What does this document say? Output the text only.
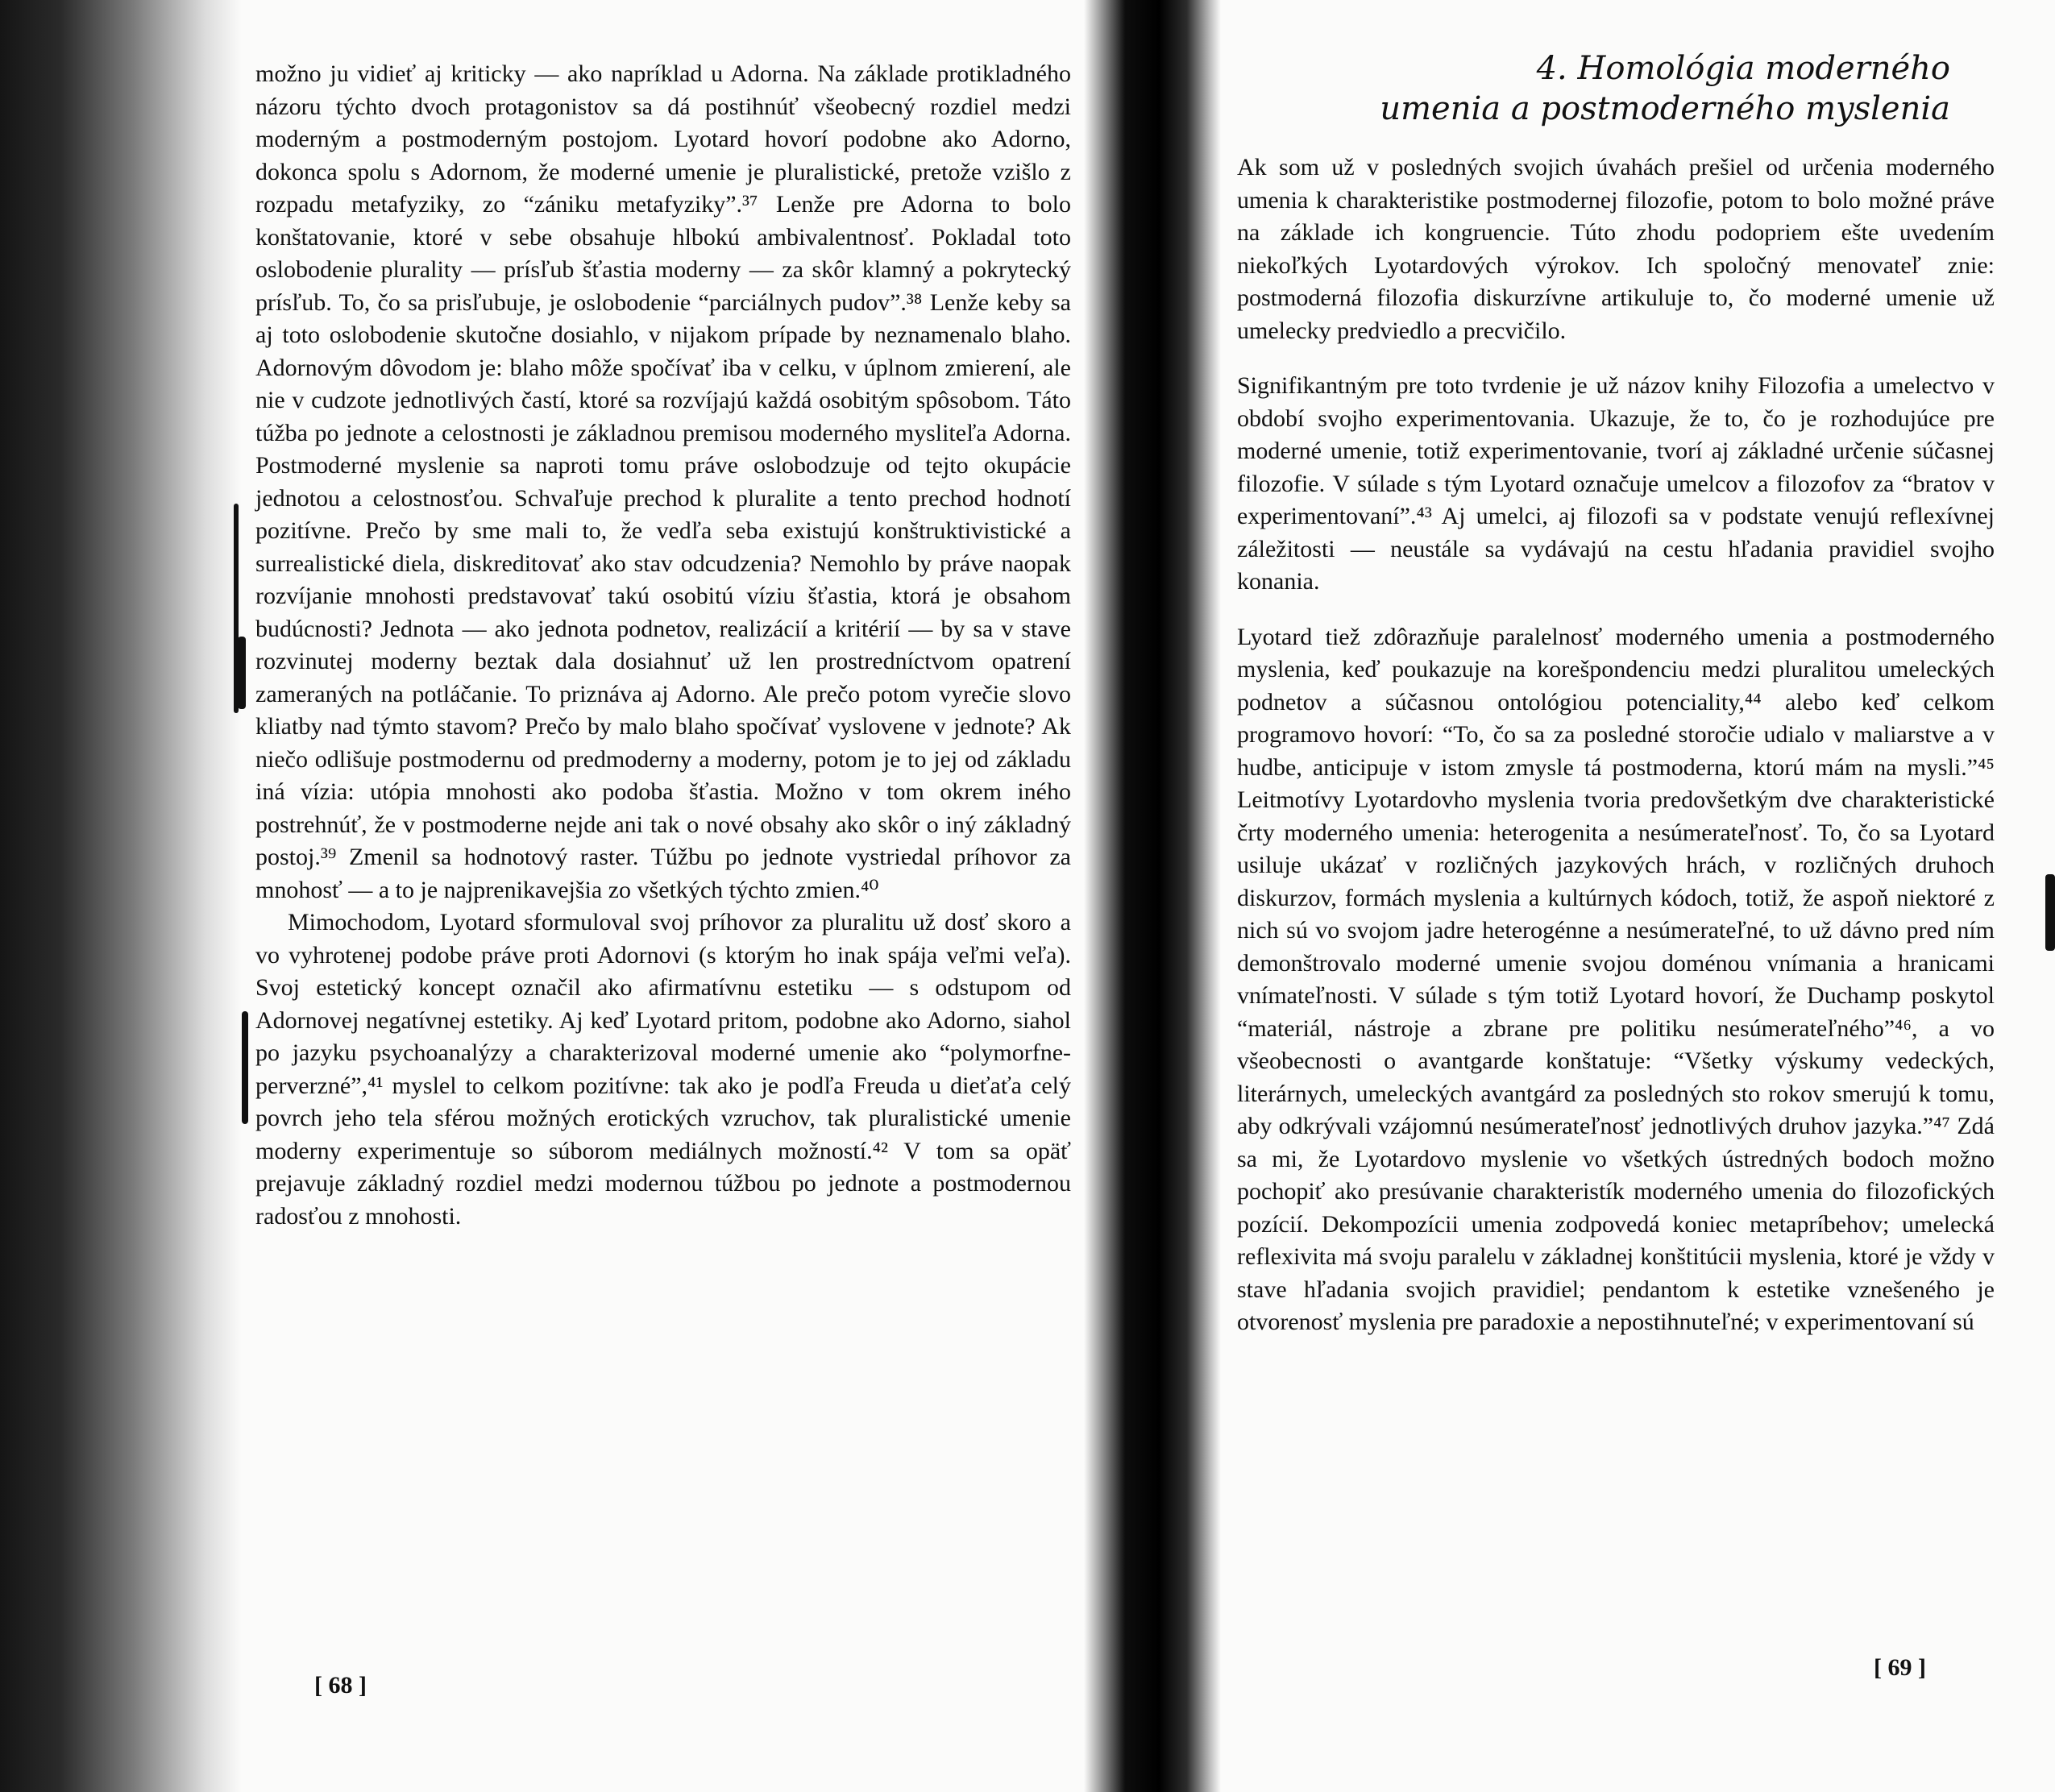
možno ju vidieť aj kriticky — ako napríklad u Adorna. Na základe protikladného názoru týchto dvoch protagonistov sa dá postihnúť všeobecný rozdiel medzi moderným a postmoderným postojom. Lyotard hovorí podobne ako Adorno, dokonca spolu s Adornom, že moderné umenie je pluralistické, pretože vzišlo z rozpadu metafyziky, zo “zániku metafyziky”.³⁷ Lenže pre Adorna to bolo konštatovanie, ktoré v sebe obsahuje hlbokú ambivalentnosť. Pokladal toto oslobodenie plurality — prísľub šťastia moderny — za skôr klamný a pokrytecký prísľub. To, čo sa prisľubuje, je oslobodenie “parciálnych pudov”.³⁸ Lenže keby sa aj toto oslobodenie skutočne dosiahlo, v nijakom prípade by neznamenalo blaho. Adornovým dôvodom je: blaho môže spočívať iba v celku, v úplnom zmierení, ale nie v cudzote jednotlivých častí, ktoré sa rozvíjajú každá osobitým spôsobom. Táto túžba po jednote a celostnosti je základnou premisou moderného mysliteľa Adorna. Postmoderné myslenie sa naproti tomu práve oslobodzuje od tejto okupácie jednotou a celostnosťou. Schvaľuje prechod k pluralite a tento prechod hodnotí pozitívne. Prečo by sme mali to, že vedľa seba existujú konštruktivistické a surrealistické diela, diskreditovať ako stav odcudzenia? Nemohlo by práve naopak rozvíjanie mnohosti predstavovať takú osobitú víziu šťastia, ktorá je obsahom budúcnosti? Jednota — ako jednota podnetov, realizácií a kritérií — by sa v stave rozvinutej moderny beztak dala dosiahnuť už len prostredníctvom opatrení zameraných na potláčanie. To priznáva aj Adorno. Ale prečo potom vyrečie slovo kliatby nad týmto stavom? Prečo by malo blaho spočívať vyslovene v jednote? Ak niečo odlišuje postmodernu od predmoderny a moderny, potom je to jej od základu iná vízia: utópia mnohosti ako podoba šťastia. Možno v tom okrem iného postrehnúť, že v postmoderne nejde ani tak o nové obsahy ako skôr o iný základný postoj.³⁹ Zmenil sa hodnotový raster. Túžbu po jednote vystriedal príhovor za mnohosť — a to je najprenikavejšia zo všetkých týchto zmien.⁴⁰

Mimochodom, Lyotard sformuloval svoj príhovor za pluralitu už dosť skoro a vo vyhrotenej podobe práve proti Adornovi (s ktorým ho inak spája veľmi veľa). Svoj estetický koncept označil ako afirmatívnu estetiku — s odstupom od Adornovej negatívnej estetiky. Aj keď Lyotard pritom, podobne ako Adorno, siahol po jazyku psychoanalýzy a charakterizoval moderné umenie ako “polymorfne-perverzné”,⁴¹ myslel to celkom pozitívne: tak ako je podľa Freuda u dieťaťa celý povrch jeho tela sférou možných erotických vzruchov, tak pluralistické umenie moderny experimentuje so súborom mediálnych možností.⁴² V tom sa opäť prejavuje základný rozdiel medzi modernou túžbou po jednote a postmodernou radosťou z mnohosti.

[ 68 ]
4. Homológia moderného
umenia a postmoderného myslenia

Ak som už v posledných svojich úvahách prešiel od určenia moderného umenia k charakteristike postmodernej filozofie, potom to bolo možné práve na základe ich kongruencie. Túto zhodu podopriem ešte uvedením niekoľkých Lyotardových výrokov. Ich spoločný menovateľ znie: postmoderná filozofia diskurzívne artikuluje to, čo moderné umenie už umelecky predviedlo a precvičilo.

Signifikantným pre toto tvrdenie je už názov knihy Filozofia a umelectvo v období svojho experimentovania. Ukazuje, že to, čo je rozhodujúce pre moderné umenie, totiž experimentovanie, tvorí aj základné určenie súčasnej filozofie. V súlade s tým Lyotard označuje umelcov a filozofov za “bratov v experimentovaní”.⁴³ Aj umelci, aj filozofi sa v podstate venujú reflexívnej záležitosti — neustále sa vydávajú na cestu hľadania pravidiel svojho konania.

Lyotard tiež zdôrazňuje paralelnosť moderného umenia a postmoderného myslenia, keď poukazuje na korešpondenciu medzi pluralitou umeleckých podnetov a súčasnou ontológiou potenciality,⁴⁴ alebo keď celkom programovo hovorí: “To, čo sa za posledné storočie udialo v maliarstve a v hudbe, anticipuje v istom zmysle tá postmoderna, ktorú mám na mysli.”⁴⁵ Leitmotívy Lyotardovho myslenia tvoria predovšetkým dve charakteristické črty moderného umenia: heterogenita a nesúmerateľnosť. To, čo sa Lyotard usiluje ukázať v rozličných jazykových hrách, v rozličných druhoch diskurzov, formách myslenia a kultúrnych kódoch, totiž, že aspoň niektoré z nich sú vo svojom jadre heterogénne a nesúmerateľné, to už dávno pred ním demonštrovalo moderné umenie svojou doménou vnímania a hranicami vnímateľnosti. V súlade s tým totiž Lyotard hovorí, že Duchamp poskytol “materiál, nástroje a zbrane pre politiku nesúmerateľného”⁴⁶, a vo všeobecnosti o avantgarde konštatuje: “Všetky výskumy vedeckých, literárnych, umeleckých avantgárd za posledných sto rokov smerujú k tomu, aby odkrývali vzájomnú nesúmerateľnosť jednotlivých druhov jazyka.”⁴⁷ Zdá sa mi, že Lyotardovo myslenie vo všetkých ústredných bodoch možno pochopiť ako presúvanie charakteristík moderného umenia do filozofických pozícií. Dekompozícii umenia zodpovedá koniec metapríbehov; umelecká reflexivita má svoju paralelu v základnej konštitúcii myslenia, ktoré je vždy v stave hľadania svojich pravidiel; pendantom k estetike vznešeného je otvorenosť myslenia pre paradoxie a nepostihnuteľné; v experimentovaní sú

[ 69 ]
